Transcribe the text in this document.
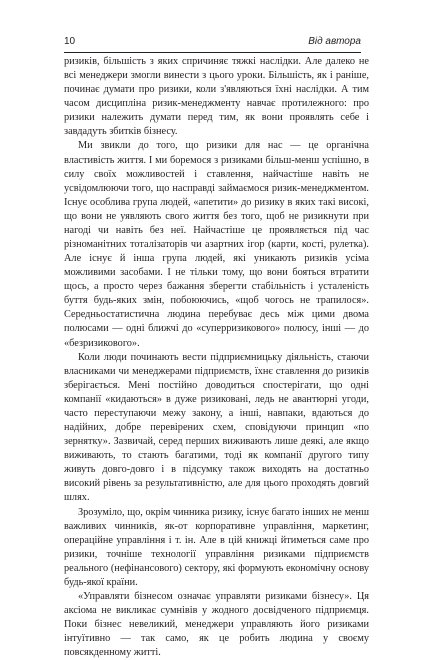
10	Від автора

ризиків, більшість з яких спричиняє тяжкі наслідки. Але далеко не всі менеджери змогли винести з цього уроки. Більшість, як і раніше, починає думати про ризики, коли з'являються їхні наслідки. А тим часом дисципліна ризик-менеджменту навчає протилежного: про ризики належить думати перед тим, як вони проявлять себе і завдадуть збитків бізнесу.

Ми звикли до того, що ризики для нас — це органічна властивість життя. І ми боремося з ризиками більш-менш успішно, в силу своїх можливостей і ставлення, найчастіше навіть не усвідомлюючи того, що насправді займаємося ризик-менеджментом. Існує особлива група людей, «апетити» до ризику в яких такі високі, що вони не уявляють свого життя без того, щоб не ризикнути при нагоді чи навіть без неї. Найчастіше це проявляється під час різноманітних тоталізаторів чи азартних ігор (карти, кості, рулетка). Але існує й інша група людей, які уникають ризиків усіма можливими засобами. І не тільки тому, що вони бояться втратити щось, а просто через бажання зберегти стабільність і усталеність буття будь-яких змін, побоюючись, «щоб чогось не трапилося». Середньостатистична людина перебуває десь між цими двома полюсами — одні ближчі до «суперризикового» полюсу, інші — до «безризикового».

Коли люди починають вести підприємницьку діяльність, стаючи власниками чи менеджерами підприємств, їхнє ставлення до ризиків зберігається. Мені постійно доводиться спостерігати, що одні компанії «кидаються» в дуже ризиковані, ледь не авантюрні угоди, часто переступаючи межу закону, а інші, навпаки, вдаються до надійних, добре перевірених схем, сповідуючи принцип «по зернятку». Зазвичай, серед перших виживають лише деякі, але якщо виживають, то стають багатими, тоді як компанії другого типу живуть довго-довго і в підсумку також виходять на достатньо високий рівень за результативністю, але для цього проходять довгий шлях.

Зрозуміло, що, окрім чинника ризику, існує багато інших не менш важливих чинників, як-от корпоративне управління, маркетинг, операційне управління і т. ін. Але в цій книжці йтиметься саме про ризики, точніше технології управління ризиками підприємств реального (нефінансового) сектору, які формують економічну основу будь-якої країни.

«Управляти бізнесом означає управляти ризиками бізнесу». Ця аксіома не викликає сумнівів у жодного досвідченого підприємця. Поки бізнес невеликий, менеджери управляють його ризиками інтуїтивно — так само, як це робить людина у своєму повсякденному житті.
